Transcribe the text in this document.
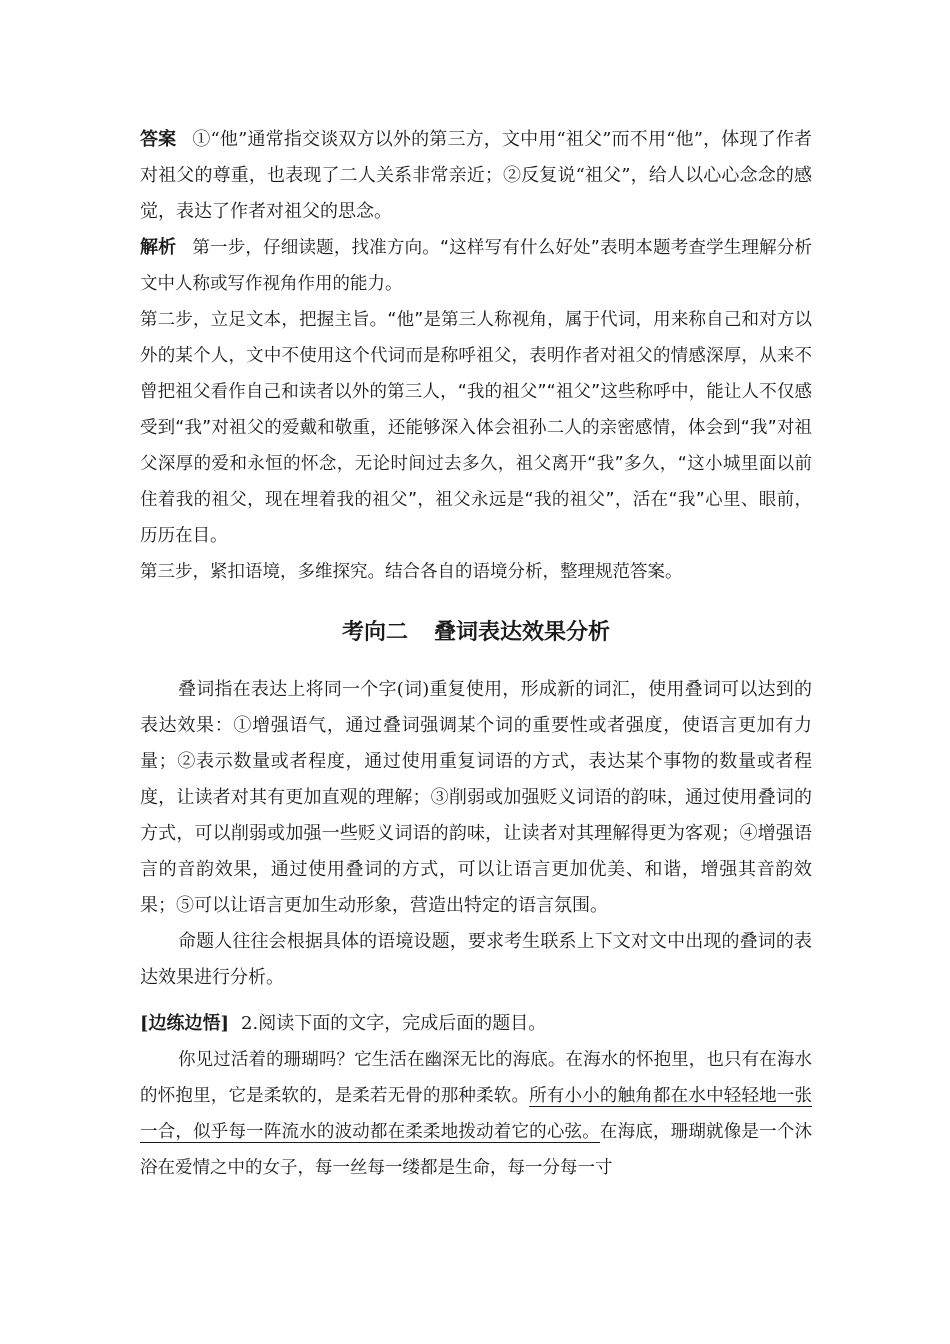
答案 ①“他”通常指交谈双方以外的第三方，文中用“祖父”而不用“他”，体现了作者对祖父的尊重，也表现了二人关系非常亲近；②反复说“祖父”，给人以心心念念的感觉，表达了作者对祖父的思念。

解析 第一步，仔细读题，找准方向。“这样写有什么好处”表明本题考查学生理解分析文中人称或写作视角作用的能力。

第二步，立足文本，把握主旨。“他”是第三人称视角，属于代词，用来称自己和对方以外的某个人，文中不使用这个代词而是称呼祖父，表明作者对祖父的情感深厚，从来不曾把祖父看作自己和读者以外的第三人，“我的祖父”“祖父”这些称呼中，能让人不仅感受到“我”对祖父的爱戴和敬重，还能够深入体会祖孙二人的亲密感情，体会到“我”对祖父深厚的爱和永恒的怀念，无论时间过去多久，祖父离开“我”多久，“这小城里面以前住着我的祖父，现在埋着我的祖父”，祖父永远是“我的祖父”，活在“我”心里、眼前，历历在目。

第三步，紧扣语境，多维探究。结合各自的语境分析，整理规范答案。

考向二 叠词表达效果分析

叠词指在表达上将同一个字(词)重复使用，形成新的词汇，使用叠词可以达到的表达效果：①增强语气，通过叠词强调某个词的重要性或者强度，使语言更加有力量；②表示数量或者程度，通过使用重复词语的方式，表达某个事物的数量或者程度，让读者对其有更加直观的理解；③削弱或加强贬义词语的韵味，通过使用叠词的方式，可以削弱或加强一些贬义词语的韵味，让读者对其理解得更为客观；④增强语言的音韵效果，通过使用叠词的方式，可以让语言更加优美、和谐，增强其音韵效果；⑤可以让语言更加生动形象，营造出特定的语言氛围。

命题人往往会根据具体的语境设题，要求考生联系上下文对文中出现的叠词的表达效果进行分析。

[边练边悟] 2.阅读下面的文字，完成后面的题目。

你见过活着的珊瑚吗？它生活在幽深无比的海底。在海水的怀抱里，也只有在海水的怀抱里，它是柔软的，是柔若无骨的那种柔软。所有小小的触角都在水中轻轻地一张一合，似乎每一阵流水的波动都在柔柔地拨动着它的心弦。在海底，珊瑚就像是一个沐浴在爱情之中的女子，每一丝每一缕都是生命，每一分每一寸
